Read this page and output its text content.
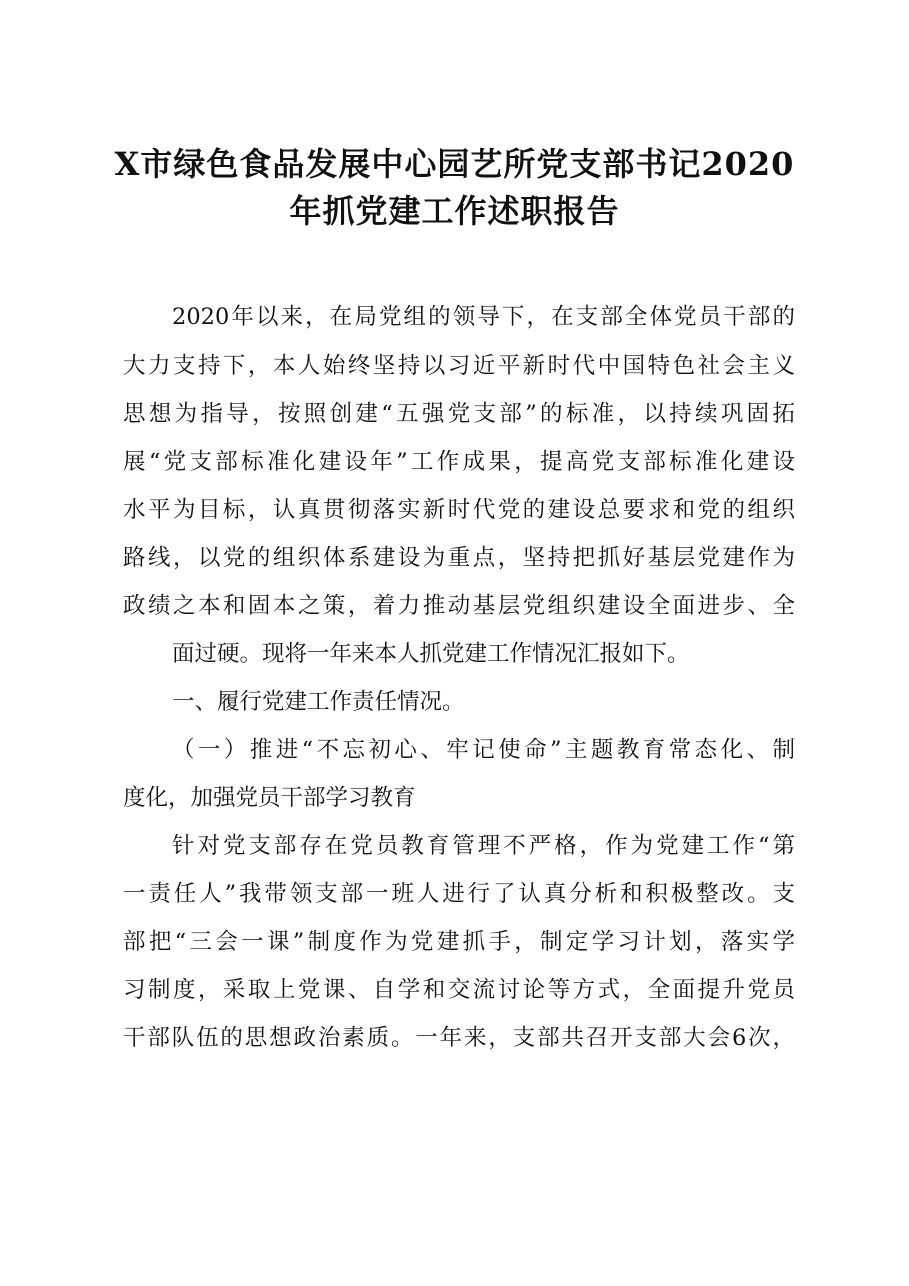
X市绿色食品发展中心园艺所党支部书记2020
年抓党建工作述职报告

2020年以来，在局党组的领导下，在支部全体党员干部的

大力支持下，本人始终坚持以习近平新时代中国特色社会主义

思想为指导，按照创建“五强党支部”的标准，以持续巩固拓

展“党支部标准化建设年”工作成果，提高党支部标准化建设

水平为目标，认真贯彻落实新时代党的建设总要求和党的组织

路线，以党的组织体系建设为重点，坚持把抓好基层党建作为

政绩之本和固本之策，着力推动基层党组织建设全面进步、全

面过硬。现将一年来本人抓党建工作情况汇报如下。

一、履行党建工作责任情况。

（一）推进“不忘初心、牢记使命”主题教育常态化、制

度化，加强党员干部学习教育

针对党支部存在党员教育管理不严格，作为党建工作“第

一责任人”我带领支部一班人进行了认真分析和积极整改。支

部把“三会一课”制度作为党建抓手，制定学习计划，落实学

习制度，采取上党课、自学和交流讨论等方式，全面提升党员

干部队伍的思想政治素质。一年来，支部共召开支部大会6次，
